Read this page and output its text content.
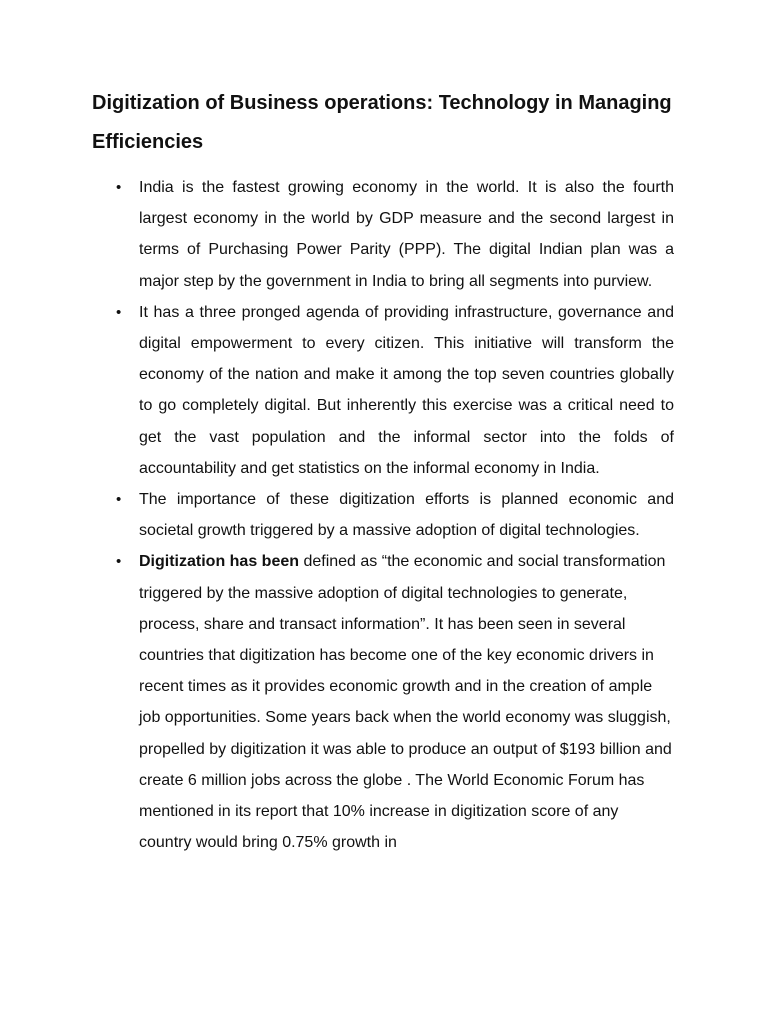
Digitization of Business operations: Technology in Managing Efficiencies
• India is the fastest growing economy in the world. It is also the fourth largest economy in the world by GDP measure and the second largest in terms of Purchasing Power Parity (PPP). The digital Indian plan was a major step by the government in India to bring all segments into purview.
• It has a three pronged agenda of providing infrastructure, governance and digital empowerment to every citizen. This initiative will transform the economy of the nation and make it among the top seven countries globally to go completely digital. But inherently this exercise was a critical need to get the vast population and the informal sector into the folds of accountability and get statistics on the informal economy in India.
• The importance of these digitization efforts is planned economic and societal growth triggered by a massive adoption of digital technologies.
• Digitization has been defined as “the economic and social transformation triggered by the massive adoption of digital technologies to generate, process, share and transact information”. It has been seen in several countries that digitization has become one of the key economic drivers in recent times as it provides economic growth and in the creation of ample job opportunities. Some years back when the world economy was sluggish, propelled by digitization it was able to produce an output of $193 billion and create 6 million jobs across the globe . The World Economic Forum has mentioned in its report that 10% increase in digitization score of any country would bring 0.75% growth in
